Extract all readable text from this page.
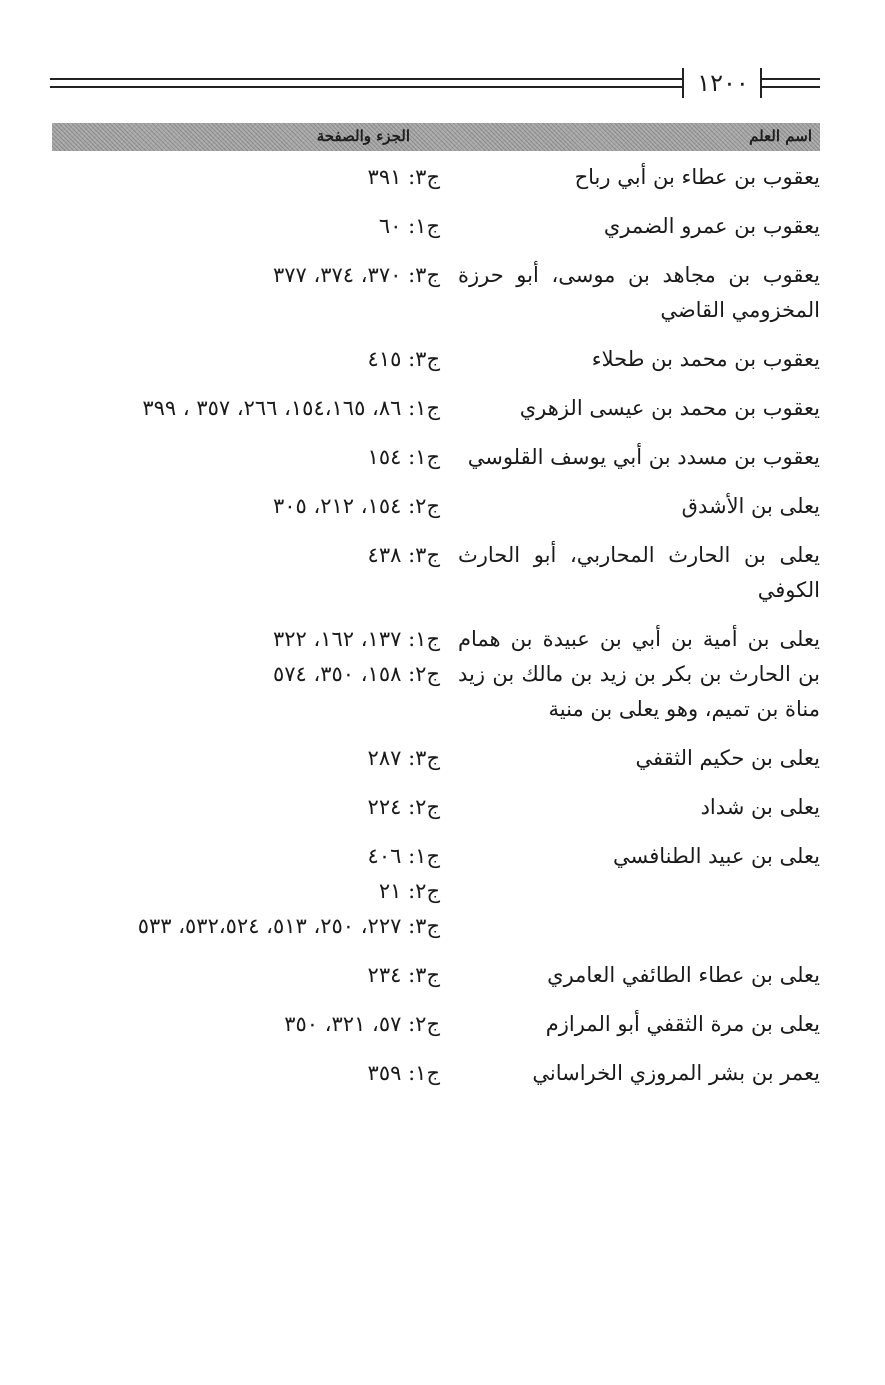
١٢٠٠
اسم العلم
الجزء والصفحة
يعقوب بن عطاء بن أبي رباح
ج٣: ٣٩١
يعقوب بن عمرو الضمري
ج١: ٦٠
يعقوب بن مجاهد بن موسى، أبو حرزة المخزومي القاضي
ج٣: ٣٧٠، ٣٧٤، ٣٧٧
يعقوب بن محمد بن طحلاء
ج٣: ٤١٥
يعقوب بن محمد بن عيسى الزهري
ج١: ٨٦، ١٥٤،١٦٥، ٢٦٦، ٣٥٧ ، ٣٩٩
يعقوب بن مسدد بن أبي يوسف القلوسي
ج١: ١٥٤
يعلى بن الأشدق
ج٢: ١٥٤، ٢١٢، ٣٠٥
يعلى بن الحارث المحاربي، أبو الحارث الكوفي
ج٣: ٤٣٨
يعلى بن أمية بن أبي بن عبيدة بن همام بن الحارث بن بكر بن زيد بن مالك بن زيد مناة بن تميم، وهو يعلى بن منية
ج١: ١٣٧، ١٦٢، ٣٢٢
ج٢: ١٥٨، ٣٥٠، ٥٧٤
يعلى بن حكيم الثقفي
ج٣: ٢٨٧
يعلى بن شداد
ج٢: ٢٢٤
يعلى بن عبيد الطنافسي
ج١: ٤٠٦
ج٢: ٢١
ج٣: ٢٢٧، ٢٥٠، ٥١٣، ٥٣٢،٥٢٤، ٥٣٣
يعلى بن عطاء الطائفي العامري
ج٣: ٢٣٤
يعلى بن مرة الثقفي أبو المرازم
ج٢: ٥٧، ٣٢١، ٣٥٠
يعمر بن بشر المروزي الخراساني
ج١: ٣٥٩
